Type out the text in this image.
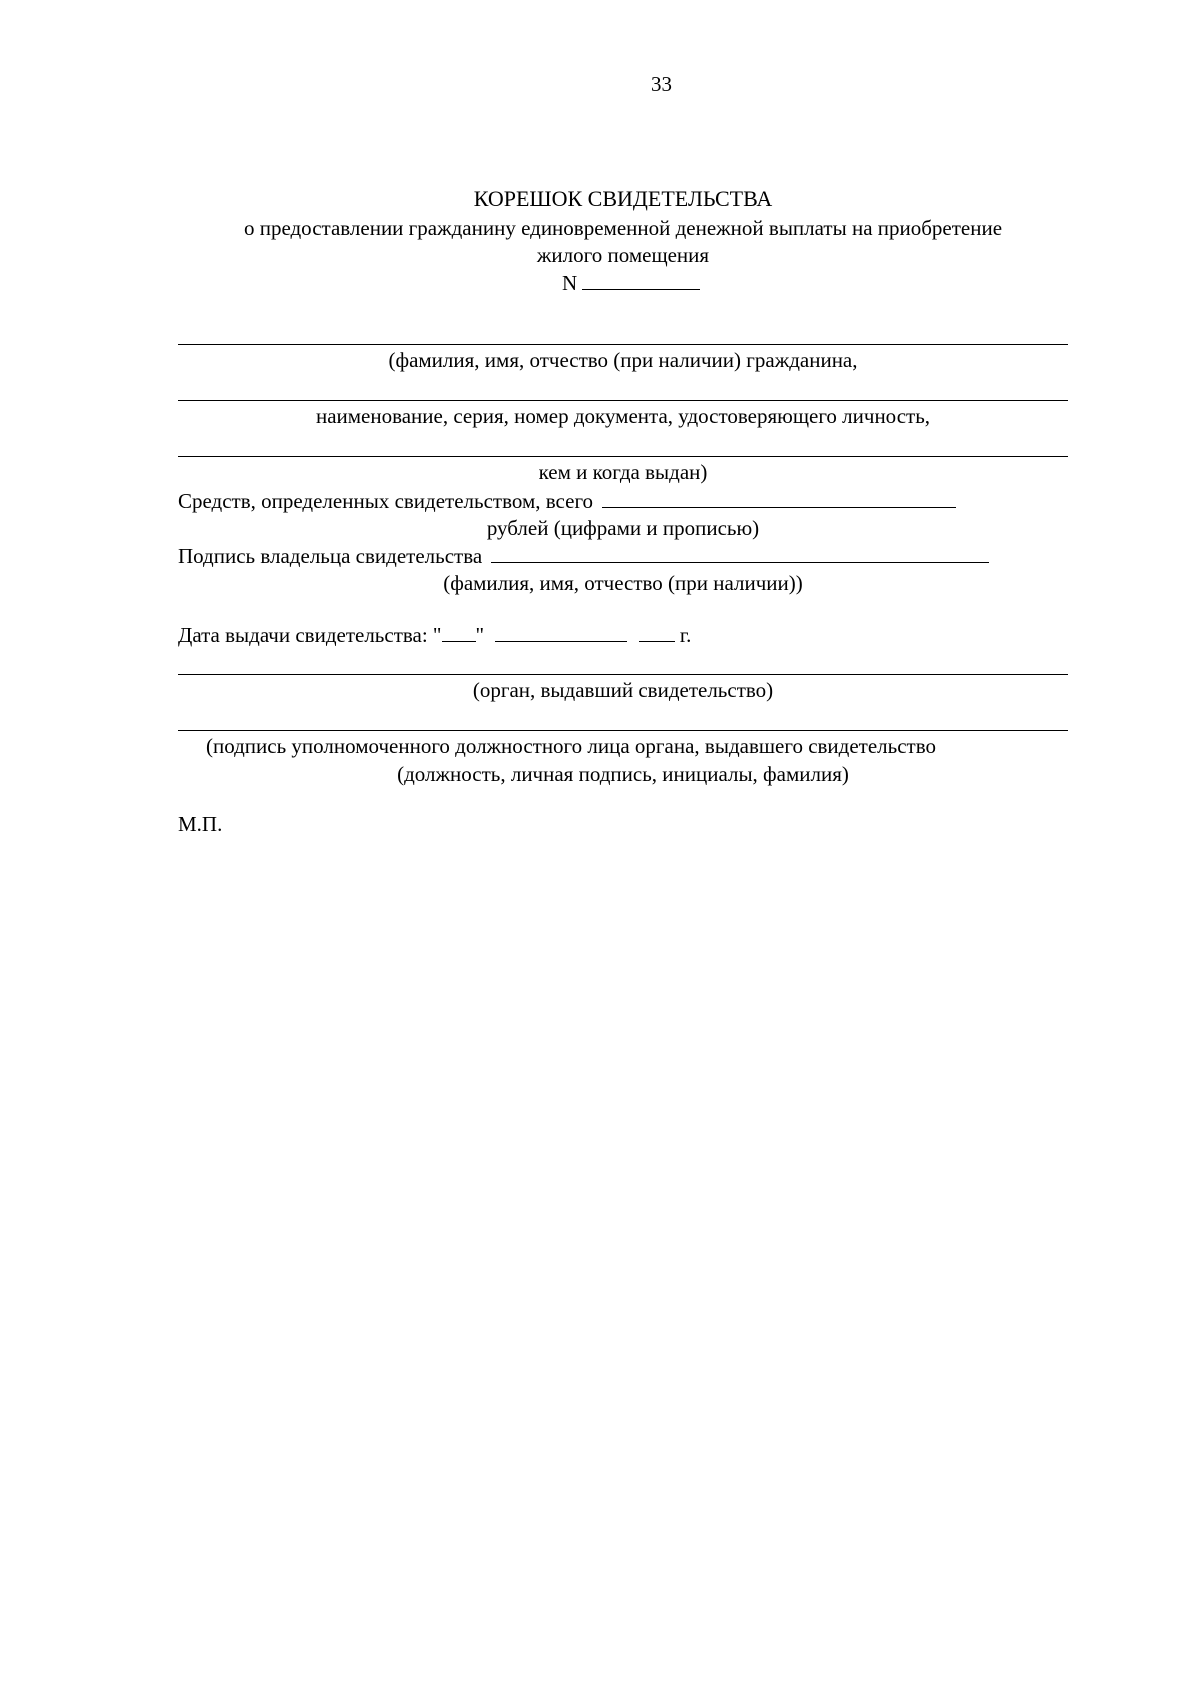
33
КОРЕШОК СВИДЕТЕЛЬСТВА
о предоставлении гражданину единовременной денежной выплаты на приобретение
жилого помещения
N
(фамилия, имя, отчество (при наличии) гражданина,
наименование, серия, номер документа, удостоверяющего личность,
кем и когда выдан)
Средств, определенных свидетельством, всего
рублей (цифрами и прописью)
Подпись владельца свидетельства
(фамилия, имя, отчество (при наличии))
Дата выдачи свидетельства: " "	г.
(орган, выдавший свидетельство)
(подпись уполномоченного должностного лица органа, выдавшего свидетельство
(должность, личная подпись, инициалы, фамилия)
М.П.
